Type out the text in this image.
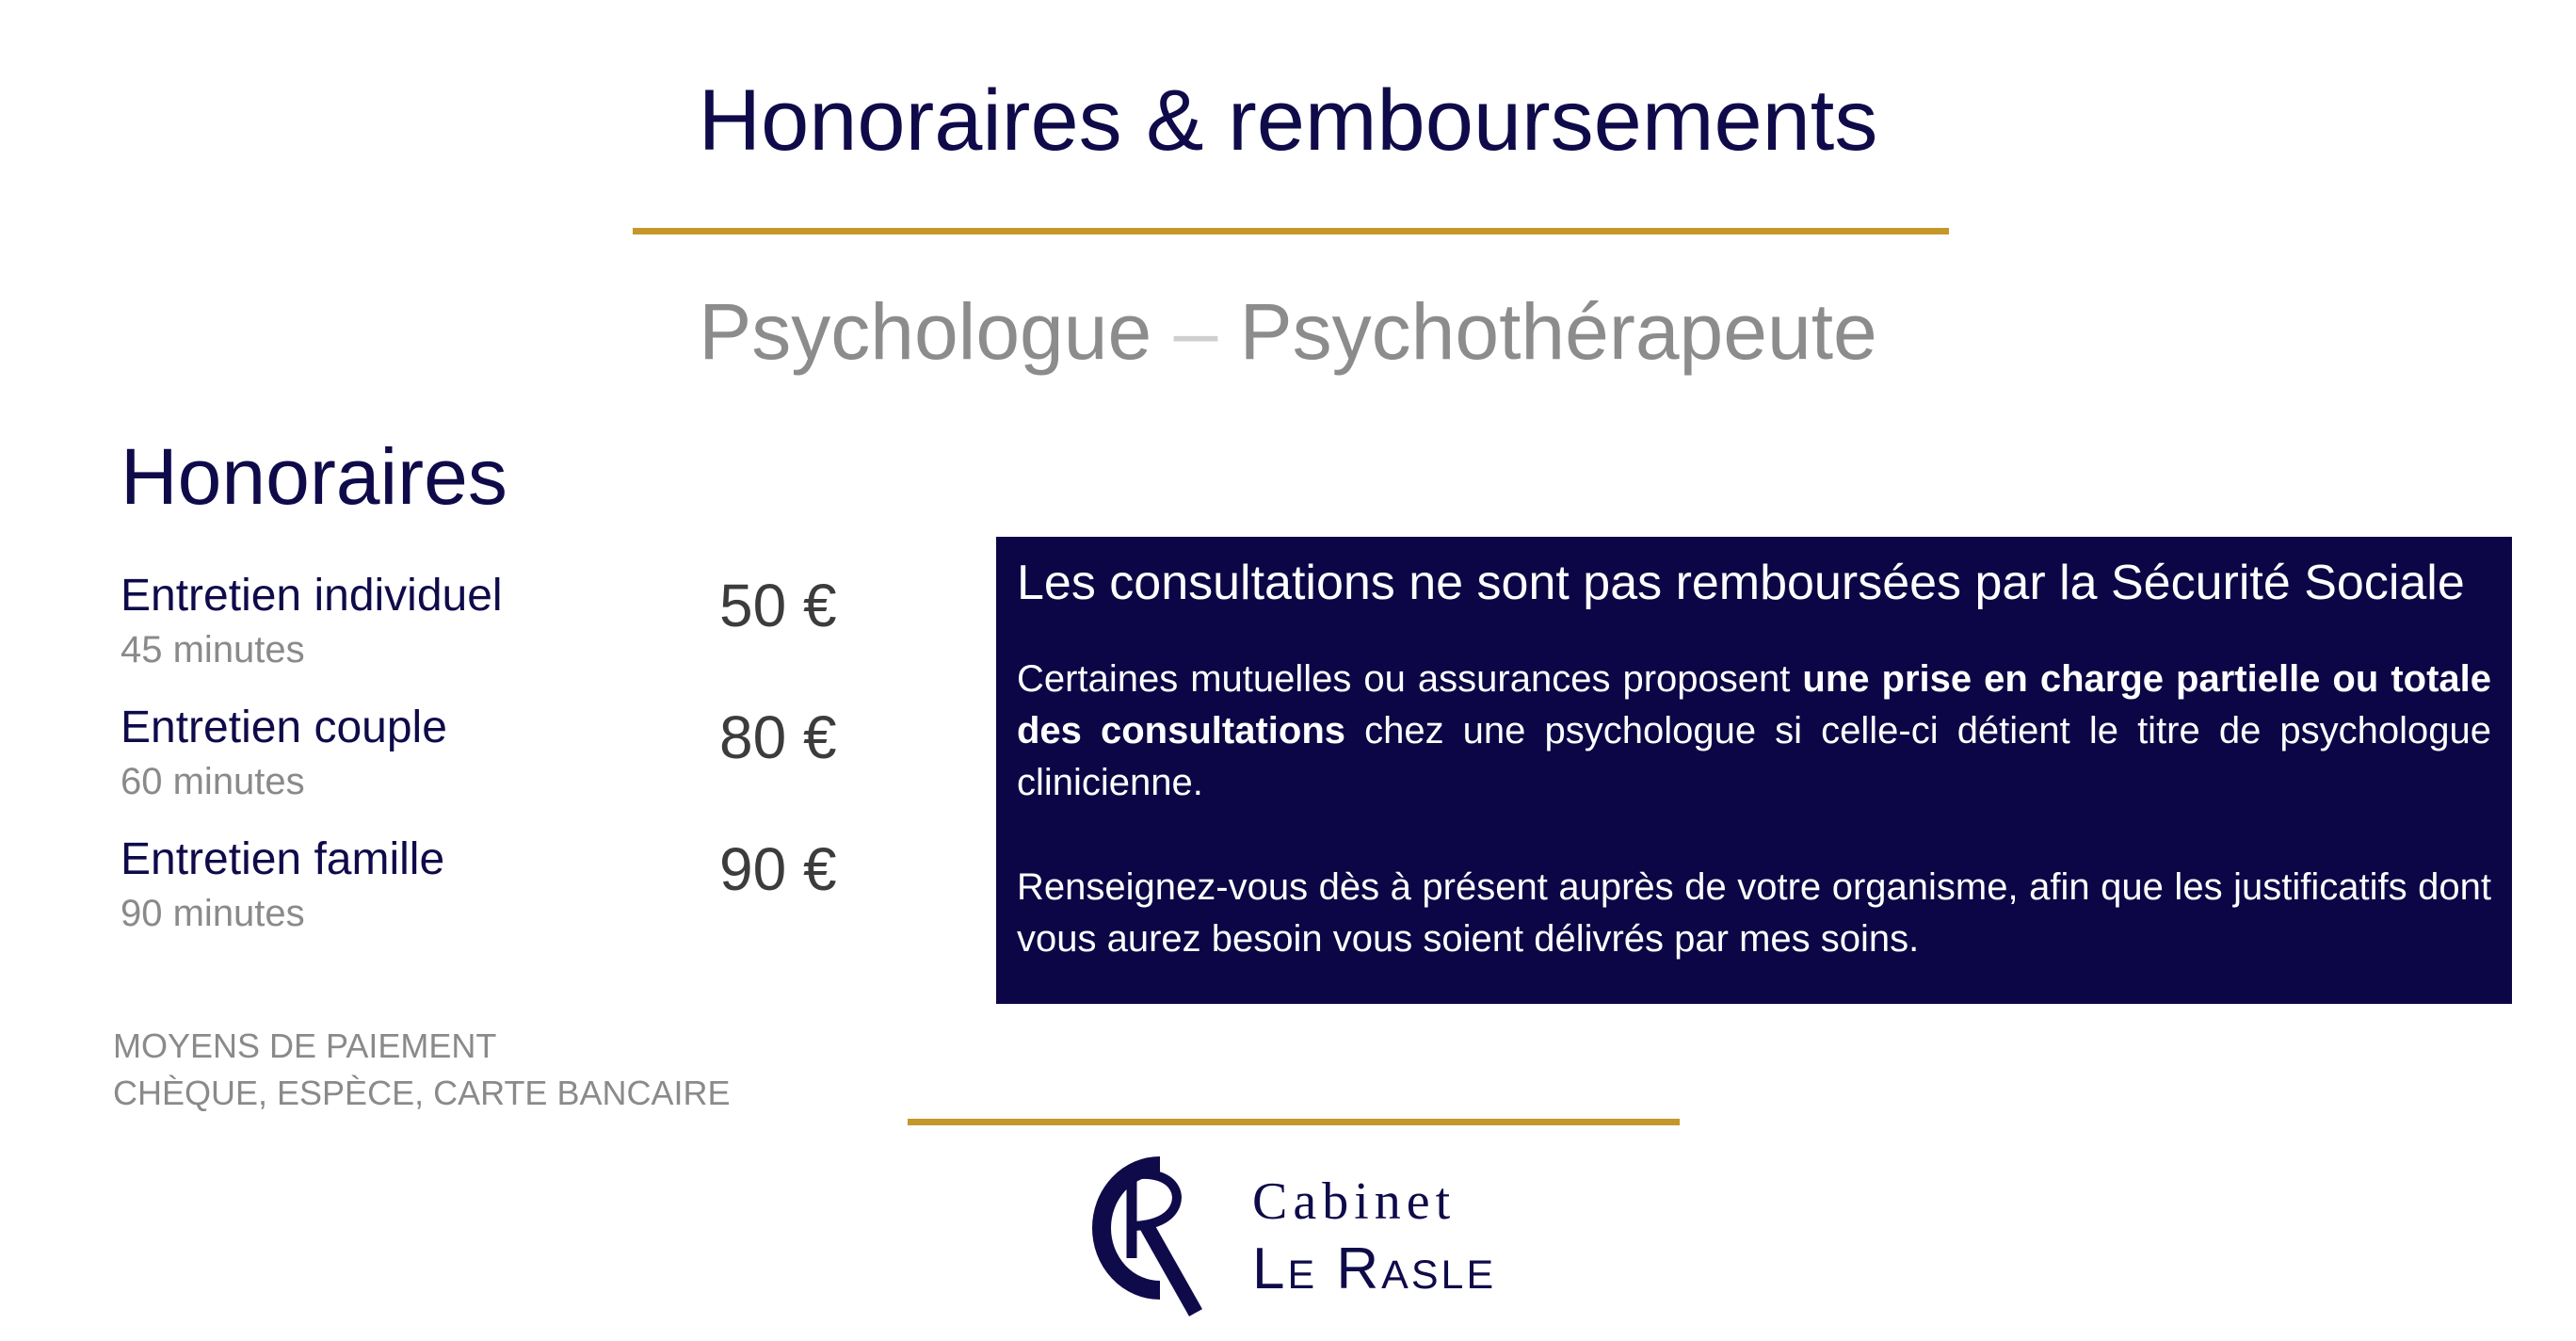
Honoraires & remboursements
Psychologue – Psychothérapeute
Honoraires
Entretien individuel
45 minutes
50 €
Entretien couple
60 minutes
80 €
Entretien famille
90 minutes
90 €
MOYENS DE PAIEMENT
CHÈQUE, ESPÈCE, CARTE BANCAIRE
Les consultations ne sont pas remboursées par la Sécurité Sociale

Certaines mutuelles ou assurances proposent une prise en charge partielle ou totale des consultations chez une psychologue si celle-ci détient le titre de psychologue clinicienne.

Renseignez-vous dès à présent auprès de votre organisme, afin que les justificatifs dont vous aurez besoin vous soient délivrés par mes soins.

Cabinet
Le Rasle
